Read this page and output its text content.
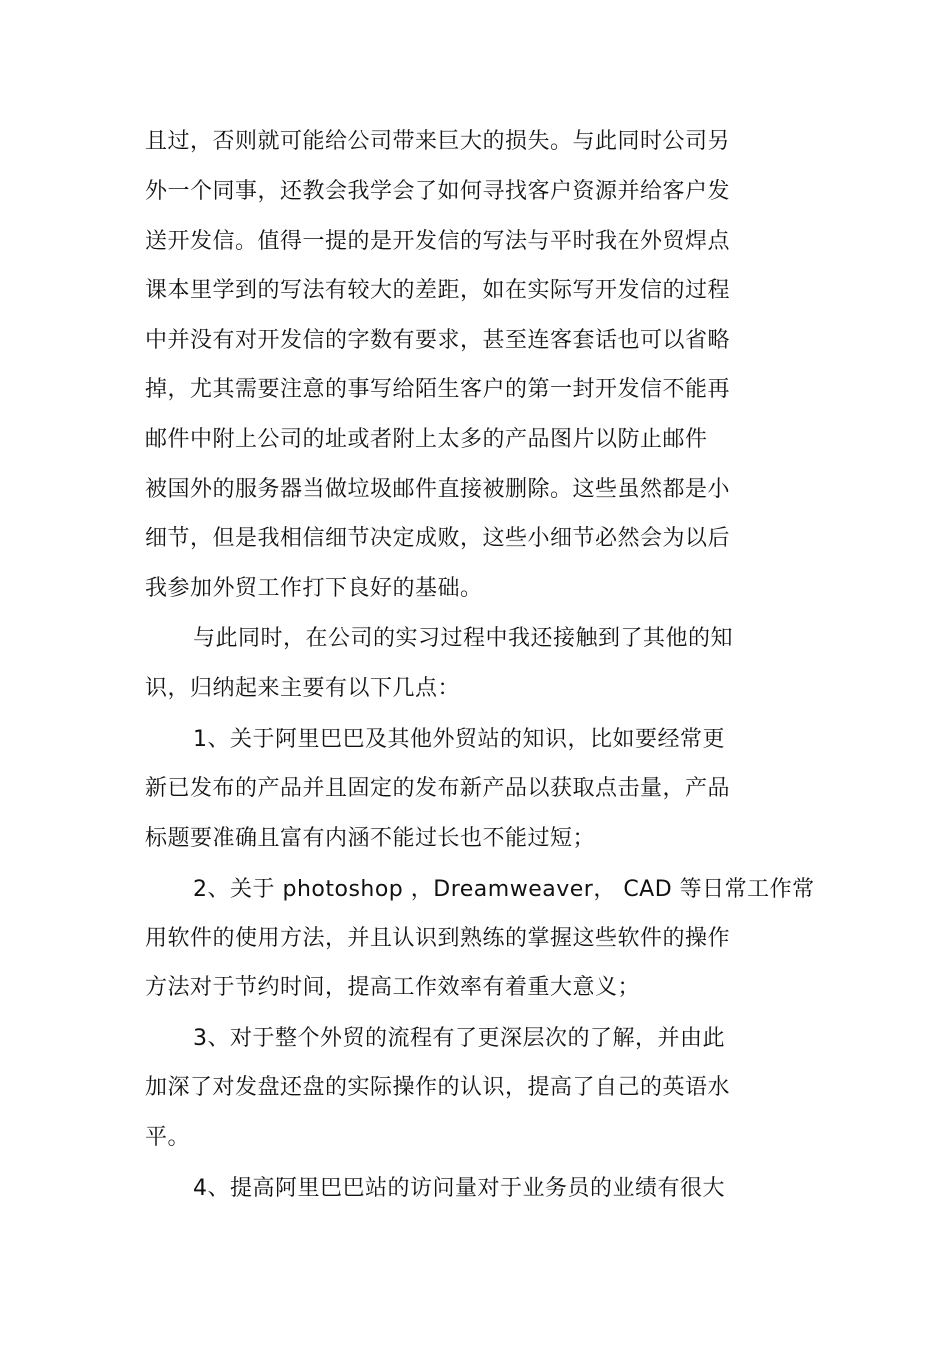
且过，否则就可能给公司带来巨大的损失。与此同时公司另
外一个同事，还教会我学会了如何寻找客户资源并给客户发
送开发信。值得一提的是开发信的写法与平时我在外贸焊点
课本里学到的写法有较大的差距，如在实际写开发信的过程
中并没有对开发信的字数有要求，甚至连客套话也可以省略
掉，尤其需要注意的事写给陌生客户的第一封开发信不能再
邮件中附上公司的址或者附上太多的产品图片以防止邮件
被国外的服务器当做垃圾邮件直接被删除。这些虽然都是小
细节，但是我相信细节决定成败，这些小细节必然会为以后
我参加外贸工作打下良好的基础。
与此同时，在公司的实习过程中我还接触到了其他的知
识，归纳起来主要有以下几点：
1、关于阿里巴巴及其他外贸站的知识，比如要经常更
新已发布的产品并且固定的发布新产品以获取点击量，产品
标题要准确且富有内涵不能过长也不能过短；
2、关于 photoshop ，Dreamweaver， CAD 等日常工作常
用软件的使用方法，并且认识到熟练的掌握这些软件的操作
方法对于节约时间，提高工作效率有着重大意义；
3、对于整个外贸的流程有了更深层次的了解，并由此
加深了对发盘还盘的实际操作的认识，提高了自己的英语水
平。
4、提高阿里巴巴站的访问量对于业务员的业绩有很大
